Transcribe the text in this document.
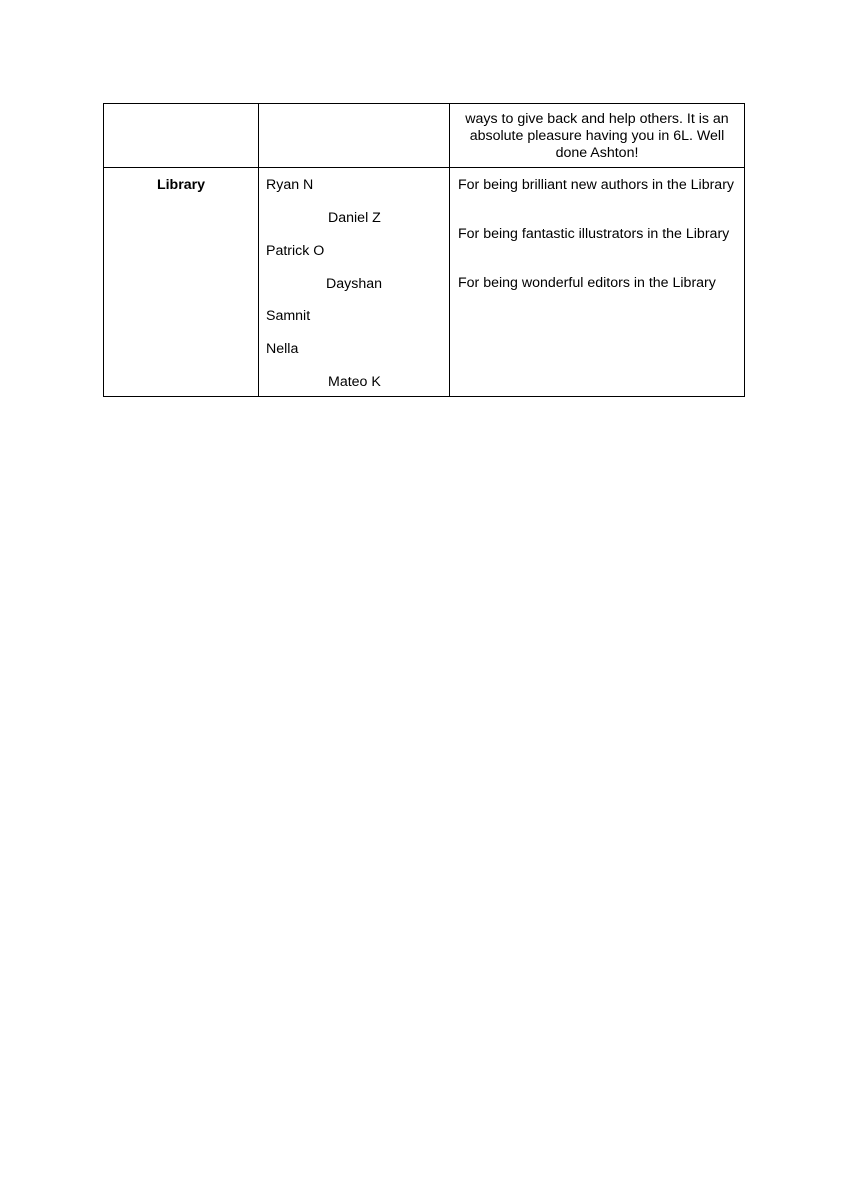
ways to give back and help others. It is an
absolute pleasure having you in 6L. Well
done Ashton!
Library	Ryan N
Daniel Z
Patrick O
Dayshan
Samnit
Nella
Mateo K
For being brilliant new authors in the Library
For being fantastic illustrators in the Library
For being wonderful editors in the Library
